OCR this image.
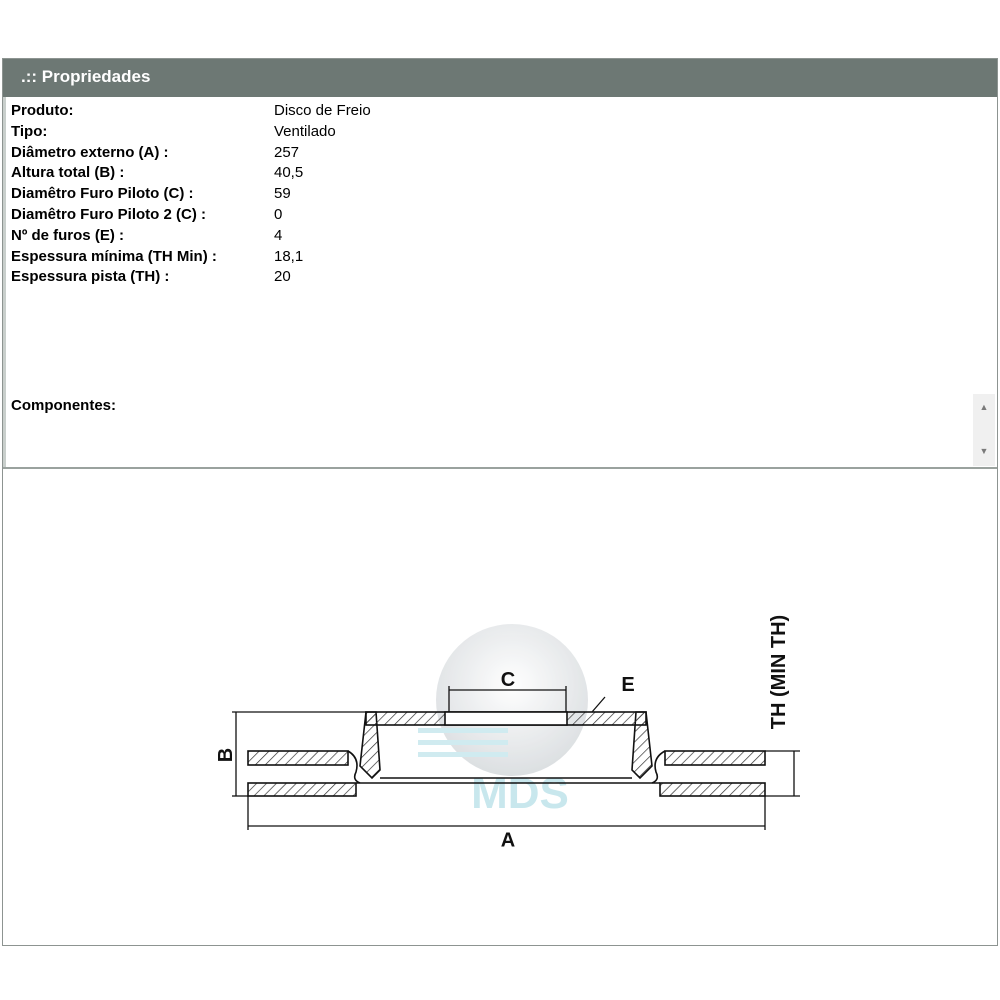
.:: Propriedades
Produto:	Disco de Freio
Tipo:	Ventilado
Diâmetro externo (A) :	257
Altura total (B) :	40,5
Diamêtro Furo Piloto (C) :	59
Diamêtro Furo Piloto 2 (C) :	0
Nº de furos (E) :	4
Espessura mínima (TH Min) :	18,1
Espessura pista (TH) :	20
Componentes:	▲
▼
MDS
A
B
C	E	TH (MIN TH)
